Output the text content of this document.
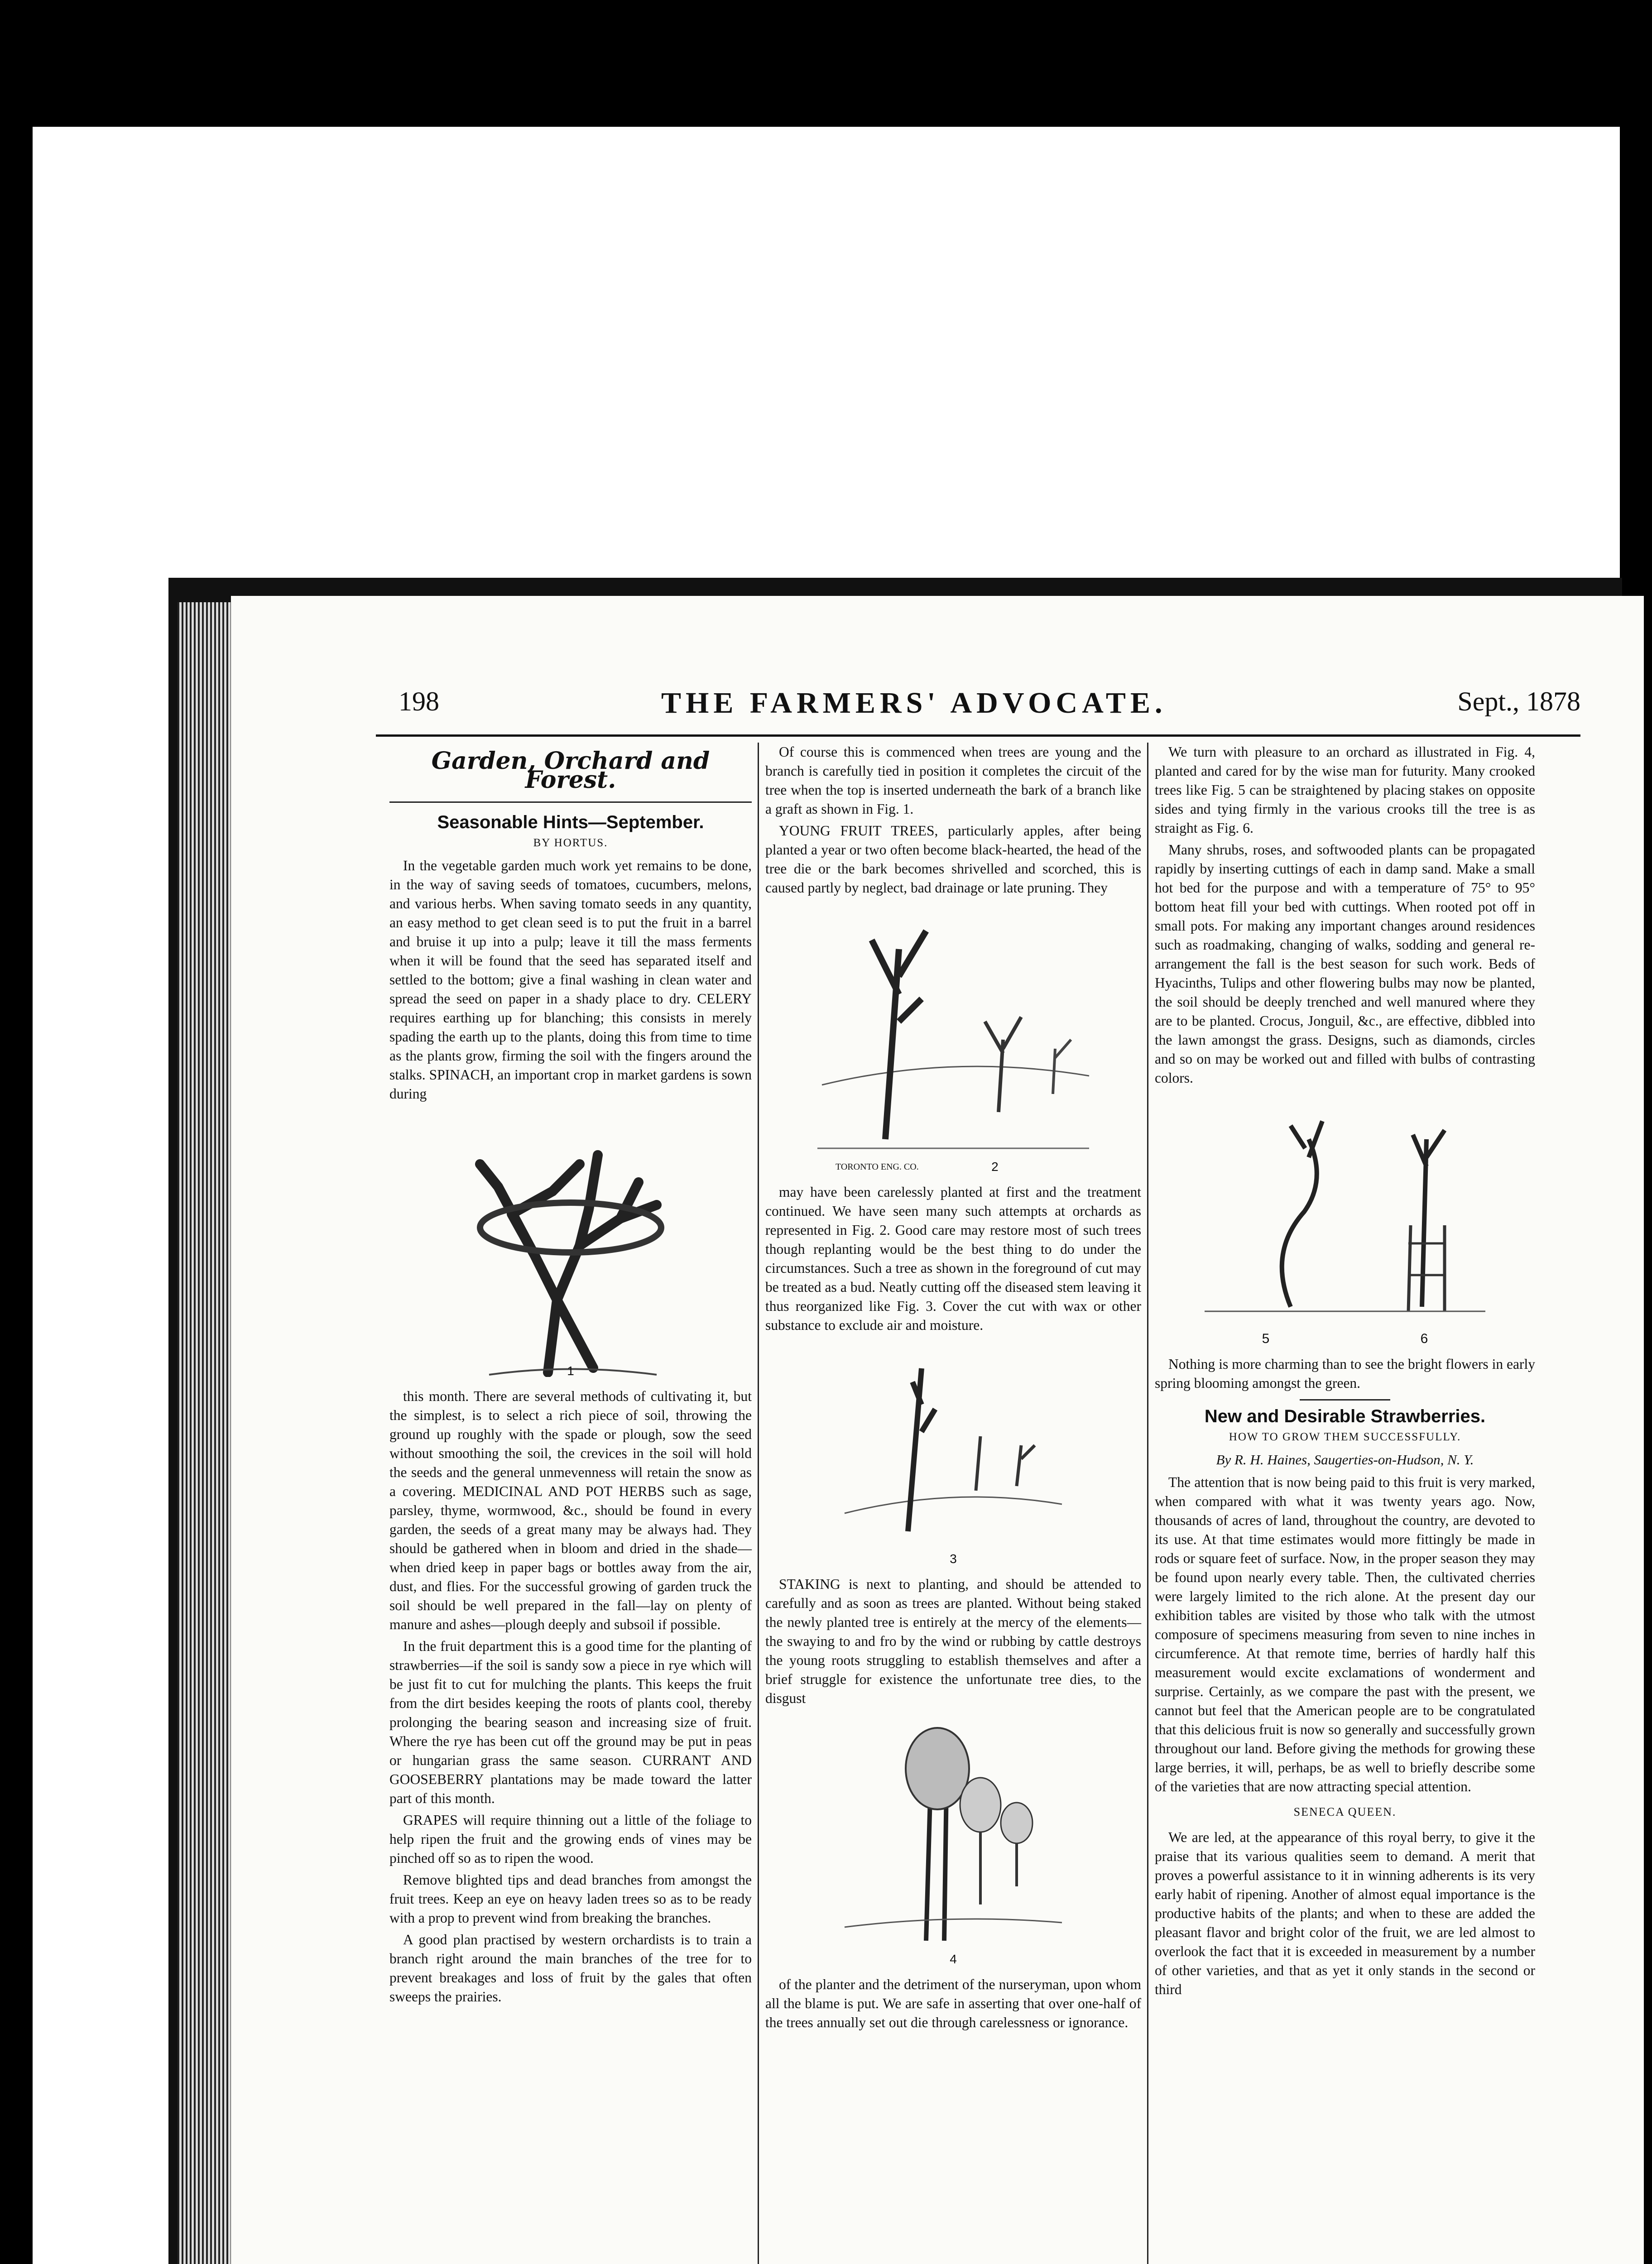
198	THE FARMERS' ADVOCATE.	Sept., 1878
Garden, Orchard and Forest.
Seasonable Hints—September.
BY HORTUS.

In the vegetable garden much work yet remains to be done, in the way of saving seeds of tomatoes, cucumbers, melons, and various herbs. When saving tomato seeds in any quantity, an easy method to get clean seed is to put the fruit in a barrel and bruise it up into a pulp; leave it till the mass ferments when it will be found that the seed has separated itself and settled to the bottom; give a final washing in clean water and spread the seed on paper in a shady place to dry. CELERY requires earthing up for blanching; this consists in merely spading the earth up to the plants, doing this from time to time as the plants grow, firming the soil with the fingers around the stalks. SPINACH, an important crop in market gardens is sown during

1

this month. There are several methods of cultivating it, but the simplest, is to select a rich piece of soil, throwing the ground up roughly with the spade or plough, sow the seed without smoothing the soil, the crevices in the soil will hold the seeds and the general unmevenness will retain the snow as a covering. MEDICINAL AND POT HERBS such as sage, parsley, thyme, wormwood, &c., should be found in every garden, the seeds of a great many may be always had. They should be gathered when in bloom and dried in the shade—when dried keep in paper bags or bottles away from the air, dust, and flies. For the successful growing of garden truck the soil should be well prepared in the fall—lay on plenty of manure and ashes—plough deeply and subsoil if possible.

In the fruit department this is a good time for the planting of strawberries—if the soil is sandy sow a piece in rye which will be just fit to cut for mulching the plants. This keeps the fruit from the dirt besides keeping the roots of plants cool, thereby prolonging the bearing season and increasing size of fruit. Where the rye has been cut off the ground may be put in peas or hungarian grass the same season. CURRANT AND GOOSEBERRY plantations may be made toward the latter part of this month.

GRAPES will require thinning out a little of the foliage to help ripen the fruit and the growing ends of vines may be pinched off so as to ripen the wood.

Remove blighted tips and dead branches from amongst the fruit trees. Keep an eye on heavy laden trees so as to be ready with a prop to prevent wind from breaking the branches.

A good plan practised by western orchardists is to train a branch right around the main branches of the tree for to prevent breakages and loss of fruit by the gales that often sweeps the prairies.

Of course this is commenced when trees are young and the branch is carefully tied in position it completes the circuit of the tree when the top is inserted underneath the bark of a branch like a graft as shown in Fig. 1.

YOUNG FRUIT TREES, particularly apples, after being planted a year or two often become black-hearted, the head of the tree die or the bark becomes shrivelled and scorched, this is caused partly by neglect, bad drainage or late pruning. They

TORONTO ENG. CO.	2

may have been carelessly planted at first and the treatment continued. We have seen many such attempts at orchards as represented in Fig. 2. Good care may restore most of such trees though replanting would be the best thing to do under the circumstances. Such a tree as shown in the foreground of cut may be treated as a bud. Neatly cutting off the diseased stem leaving it thus reorganized like Fig. 3. Cover the cut with wax or other substance to exclude air and moisture.

3

STAKING is next to planting, and should be attended to carefully and as soon as trees are planted. Without being staked the newly planted tree is entirely at the mercy of the elements—the swaying to and fro by the wind or rubbing by cattle destroys the young roots struggling to establish themselves and after a brief struggle for existence the unfortunate tree dies, to the disgust

4

of the planter and the detriment of the nurseryman, upon whom all the blame is put. We are safe in asserting that over one-half of the trees annually set out die through carelessness or ignorance.

We turn with pleasure to an orchard as illustrated in Fig. 4, planted and cared for by the wise man for futurity. Many crooked trees like Fig. 5 can be straightened by placing stakes on opposite sides and tying firmly in the various crooks till the tree is as straight as Fig. 6.

Many shrubs, roses, and softwooded plants can be propagated rapidly by inserting cuttings of each in damp sand. Make a small hot bed for the purpose and with a temperature of 75° to 95° bottom heat fill your bed with cuttings. When rooted pot off in small pots. For making any important changes around residences such as roadmaking, changing of walks, sodding and general re-arrangement the fall is the best season for such work. Beds of Hyacinths, Tulips and other flowering bulbs may now be planted, the soil should be deeply trenched and well manured where they are to be planted. Crocus, Jonguil, &c., are effective, dibbled into the lawn amongst the grass. Designs, such as diamonds, circles and so on may be worked out and filled with bulbs of contrasting colors.

5	6

Nothing is more charming than to see the bright flowers in early spring blooming amongst the green.

New and Desirable Strawberries.
HOW TO GROW THEM SUCCESSFULLY.
By R. H. Haines, Saugerties-on-Hudson, N. Y.

The attention that is now being paid to this fruit is very marked, when compared with what it was twenty years ago. Now, thousands of acres of land, throughout the country, are devoted to its use. At that time estimates would more fittingly be made in rods or square feet of surface. Now, in the proper season they may be found upon nearly every table. Then, the cultivated cherries were largely limited to the rich alone. At the present day our exhibition tables are visited by those who talk with the utmost composure of specimens measuring from seven to nine inches in circumference. At that remote time, berries of hardly half this measurement would excite exclamations of wonderment and surprise. Certainly, as we compare the past with the present, we cannot but feel that the American people are to be congratulated that this delicious fruit is now so generally and successfully grown throughout our land. Before giving the methods for growing these large berries, it will, perhaps, be as well to briefly describe some of the varieties that are now attracting special attention.

SENECA QUEEN.

We are led, at the appearance of this royal berry, to give it the praise that its various qualities seem to demand. A merit that proves a powerful assistance to it in winning adherents is its very early habit of ripening. Another of almost equal importance is the productive habits of the plants; and when to these are added the pleasant flavor and bright color of the fruit, we are led almost to overlook the fact that it is exceeded in measurement by a number of other varieties, and that as yet it only stands in the second or third
